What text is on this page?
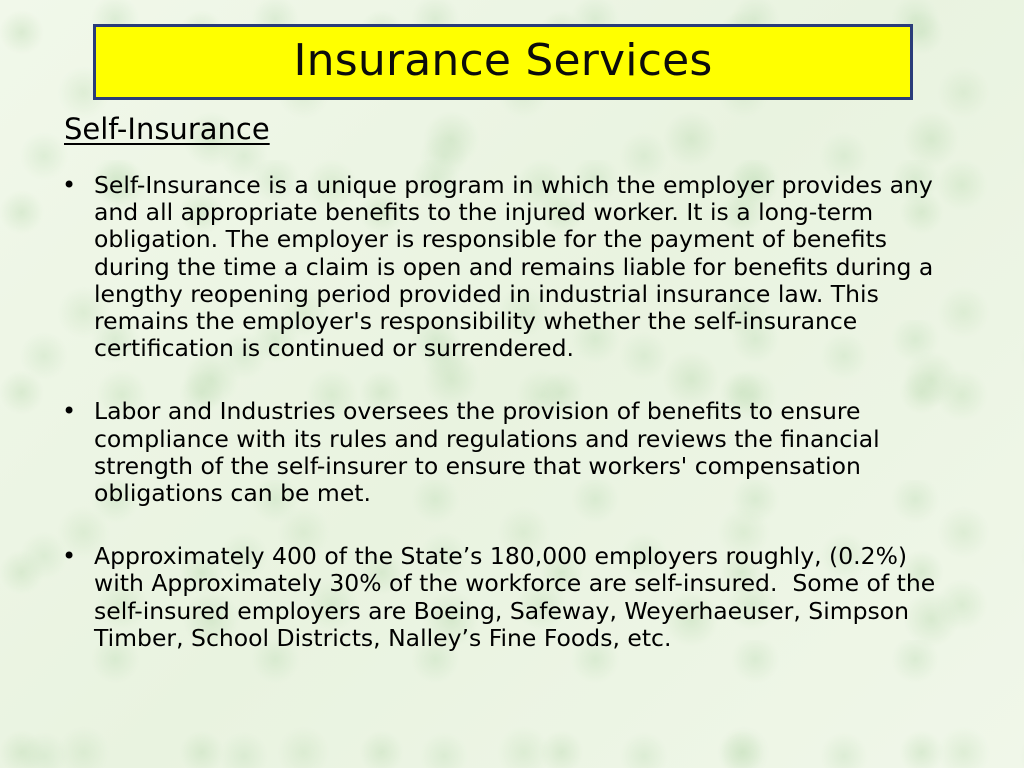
Insurance Services
Self-Insurance
• Self-Insurance is a unique program in which the employer provides any and all appropriate benefits to the injured worker. It is a long-term obligation. The employer is responsible for the payment of benefits during the time a claim is open and remains liable for benefits during a lengthy reopening period provided in industrial insurance law. This remains the employer's responsibility whether the self-insurance certification is continued or surrendered.
• Labor and Industries oversees the provision of benefits to ensure compliance with its rules and regulations and reviews the financial strength of the self-insurer to ensure that workers' compensation obligations can be met.
• Approximately 400 of the State’s 180,000 employers roughly, (0.2%) with Approximately 30% of the workforce are self-insured.  Some of the self-insured employers are Boeing, Safeway, Weyerhaeuser, Simpson Timber, School Districts, Nalley’s Fine Foods, etc.
